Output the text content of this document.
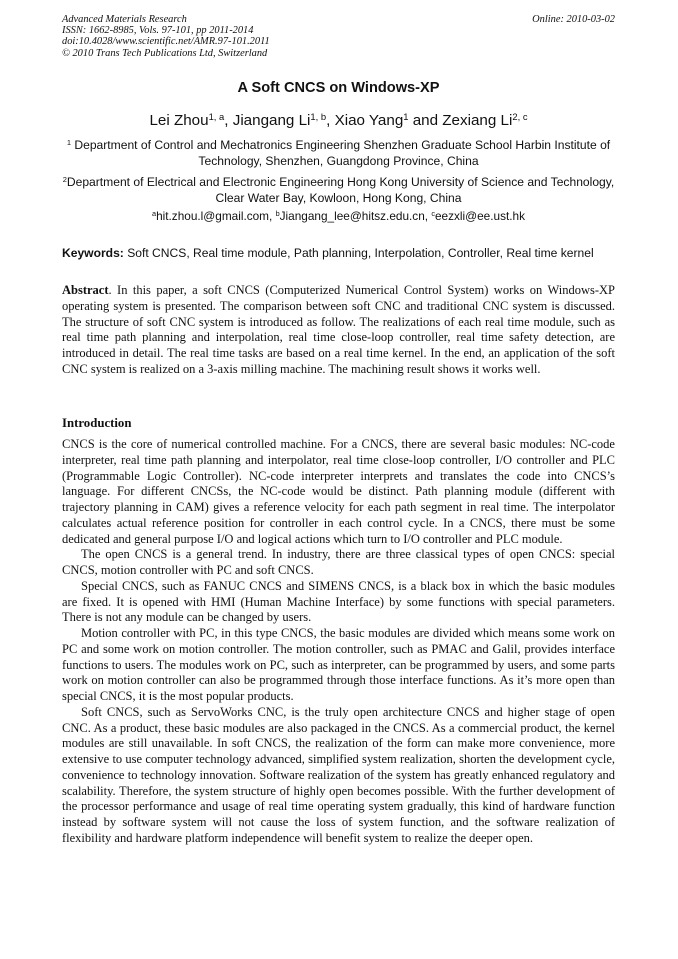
Advanced Materials Research
ISSN: 1662-8985, Vols. 97-101, pp 2011-2014
doi:10.4028/www.scientific.net/AMR.97-101.2011
© 2010 Trans Tech Publications Ltd, Switzerland
Online: 2010-03-02
A Soft CNCS on Windows-XP
Lei Zhou$^{1, a}$, Jiangang Li$^{1, b}$, Xiao Yang$^1$ and Zexiang Li$^{2, c}$
$^1$ Department of Control and Mechatronics Engineering Shenzhen Graduate School Harbin Institute of Technology, Shenzhen, Guangdong Province, China
$^2$Department of Electrical and Electronic Engineering Hong Kong University of Science and Technology, Clear Water Bay, Kowloon, Hong Kong, China
$^a$hit.zhou.l@gmail.com, $^b$Jiangang_lee@hitsz.edu.cn, $^c$eezxli@ee.ust.hk
Keywords: Soft CNCS, Real time module, Path planning, Interpolation, Controller, Real time kernel
Abstract. In this paper, a soft CNCS (Computerized Numerical Control System) works on Windows-XP operating system is presented. The comparison between soft CNC and traditional CNC system is discussed. The structure of soft CNC system is introduced as follow. The realizations of each real time module, such as real time path planning and interpolation, real time close-loop controller, real time safety detection, are introduced in detail. The real time tasks are based on a real time kernel. In the end, an application of the soft CNC system is realized on a 3-axis milling machine. The machining result shows it works well.
Introduction

CNCS is the core of numerical controlled machine. For a CNCS, there are several basic modules: NC-code interpreter, real time path planning and interpolator, real time close-loop controller, I/O controller and PLC (Programmable Logic Controller). NC-code interpreter interprets and translates the code into CNCS’s language. For different CNCSs, the NC-code would be distinct. Path planning module (different with trajectory planning in CAM) gives a reference velocity for each path segment in real time. The interpolator calculates actual reference position for controller in each control cycle. In a CNCS, there must be some dedicated and general purpose I/O and logical actions which turn to I/O controller and PLC module.

The open CNCS is a general trend. In industry, there are three classical types of open CNCS: special CNCS, motion controller with PC and soft CNCS.

Special CNCS, such as FANUC CNCS and SIMENS CNCS, is a black box in which the basic modules are fixed. It is opened with HMI (Human Machine Interface) by some functions with special parameters. There is not any module can be changed by users.

Motion controller with PC, in this type CNCS, the basic modules are divided which means some work on PC and some work on motion controller. The motion controller, such as PMAC and Galil, provides interface functions to users. The modules work on PC, such as interpreter, can be programmed by users, and some parts work on motion controller can also be programmed through those interface functions. As it’s more open than special CNCS, it is the most popular products.

Soft CNCS, such as ServoWorks CNC, is the truly open architecture CNCS and higher stage of open CNC. As a product, these basic modules are also packaged in the CNCS. As a commercial product, the kernel modules are still unavailable. In soft CNCS, the realization of the form can make more convenience, more extensive to use computer technology advanced, simplified system realization, shorten the development cycle, convenience to technology innovation. Software realization of the system has greatly enhanced regulatory and scalability. Therefore, the system structure of highly open becomes possible. With the further development of the processor performance and usage of real time operating system gradually, this kind of hardware function instead by software system will not cause the loss of system function, and the software realization of flexibility and hardware platform independence will benefit system to realize the deeper open.
